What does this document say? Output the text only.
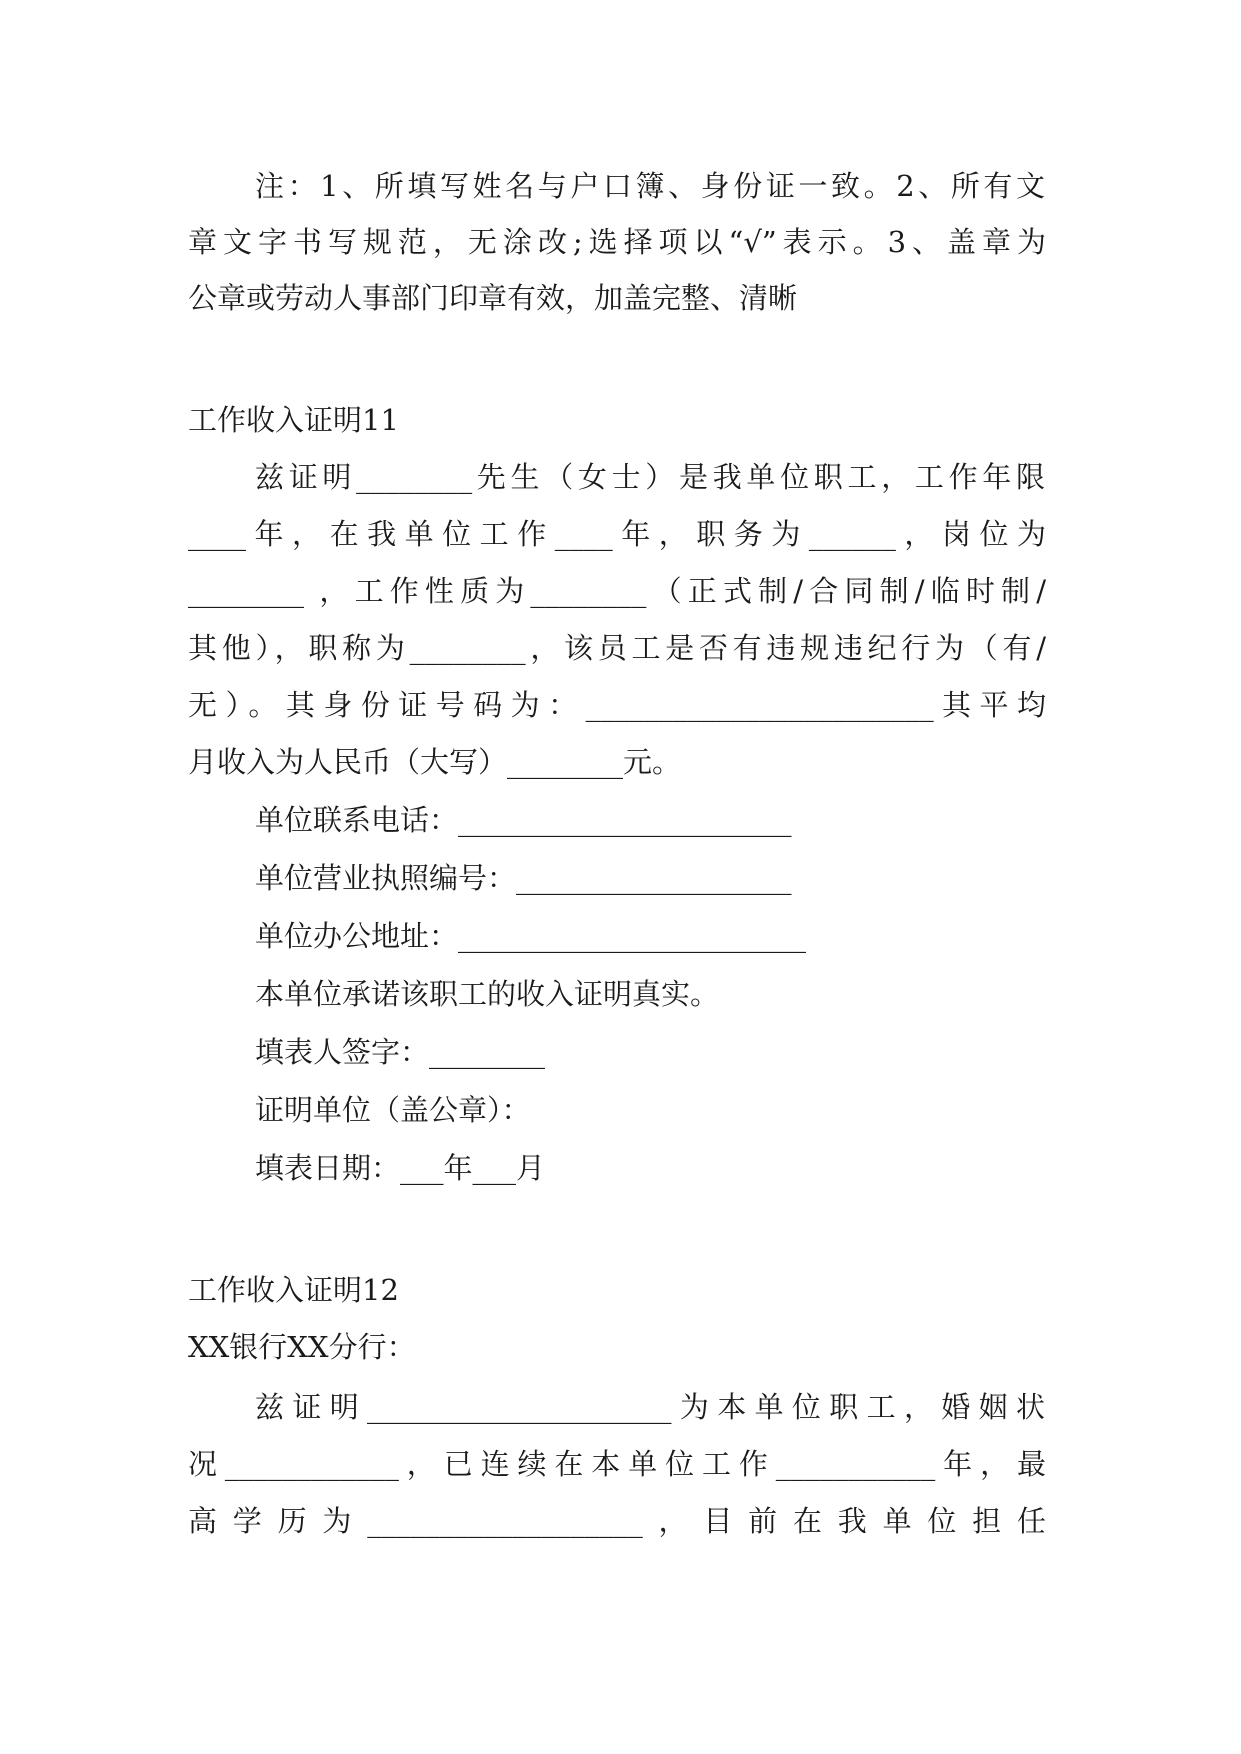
注：1、所填写姓名与户口簿、身份证一致。2、所有文
章文字书写规范，无涂改;选择项以“√”表示。3、盖章为
公章或劳动人事部门印章有效，加盖完整、清晰
工作收入证明11
兹证明________先生（女士）是我单位职工，工作年限
____年，在我单位工作____年，职务为______，岗位为
________ ，工作性质为________（正式制/合同制/临时制/
其他），职称为________，该员工是否有违规违纪行为（有/
无）。其身份证号码为：________________________其平均
月收入为人民币（大写）________元。
单位联系电话：_______________________
单位营业执照编号：___________________
单位办公地址：________________________
本单位承诺该职工的收入证明真实。
填表人签字：________
证明单位（盖公章）：
填表日期：___年___月
工作收入证明12
XX银行XX分行：
兹证明_____________________为本单位职工，婚姻状
况____________，已连续在本单位工作___________年，最
高学历为___________________，目前在我单位担任
